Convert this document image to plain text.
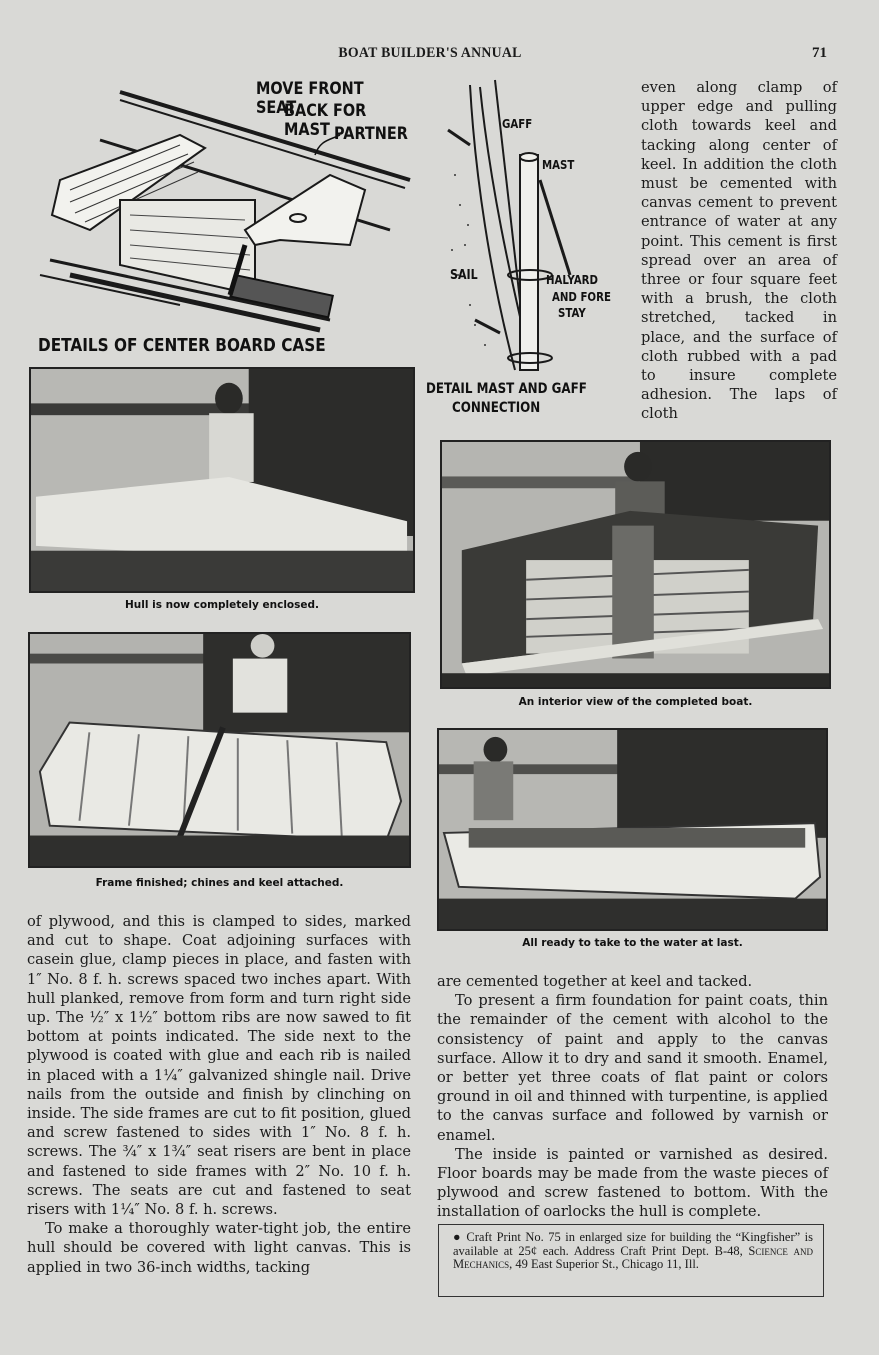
BOAT BUILDER'S ANNUAL	71
MOVE FRONT SEAT
BACK FOR MAST PARTNER
DETAILS OF CENTER BOARD CASE
GAFF
MAST
SAIL	HALYARD
AND FORE
STAY
DETAIL MAST AND GAFF
CONNECTION

even along clamp of upper edge and pulling cloth towards keel and tacking along center of keel. In addition the cloth must be cemented with canvas cement to prevent entrance of water at any point. This cement is first spread over an area of three or four square feet with a brush, the cloth stretched, tacked in place, and the surface of cloth rubbed with a pad to insure complete adhesion. The laps of cloth

Hull is now completely enclosed.
An interior view of the completed boat.
Frame finished; chines and keel attached.
All ready to take to the water at last.

of plywood, and this is clamped to sides, marked and cut to shape. Coat adjoining surfaces with casein glue, clamp pieces in place, and fasten with 1″ No. 8 f. h. screws spaced two inches apart. With hull planked, remove from form and turn right side up. The ½″ x 1½″ bottom ribs are now sawed to fit bottom at points indicated. The side next to the plywood is coated with glue and each rib is nailed in placed with a 1¼″ galvanized shingle nail. Drive nails from the outside and finish by clinching on inside. The side frames are cut to fit position, glued and screw fastened to sides with 1″ No. 8 f. h. screws. The ¾″ x 1¾″ seat risers are bent in place and fastened to side frames with 2″ No. 10 f. h. screws. The seats are cut and fastened to seat risers with 1¼″ No. 8 f. h. screws.

To make a thoroughly water-tight job, the entire hull should be covered with light canvas. This is applied in two 36-inch widths, tacking

are cemented together at keel and tacked.

To present a firm foundation for paint coats, thin the remainder of the cement with alcohol to the consistency of paint and apply to the canvas surface. Allow it to dry and sand it smooth. Enamel, or better yet three coats of flat paint or colors ground in oil and thinned with turpentine, is applied to the canvas surface and followed by varnish or enamel.

The inside is painted or varnished as desired. Floor boards may be made from the waste pieces of plywood and screw fastened to bottom. With the installation of oarlocks the hull is complete.

● Craft Print No. 75 in enlarged size for building the “Kingfisher” is available at 25¢ each. Address Craft Print Dept. B-48, Science and Mechanics, 49 East Superior St., Chicago 11, Ill.
